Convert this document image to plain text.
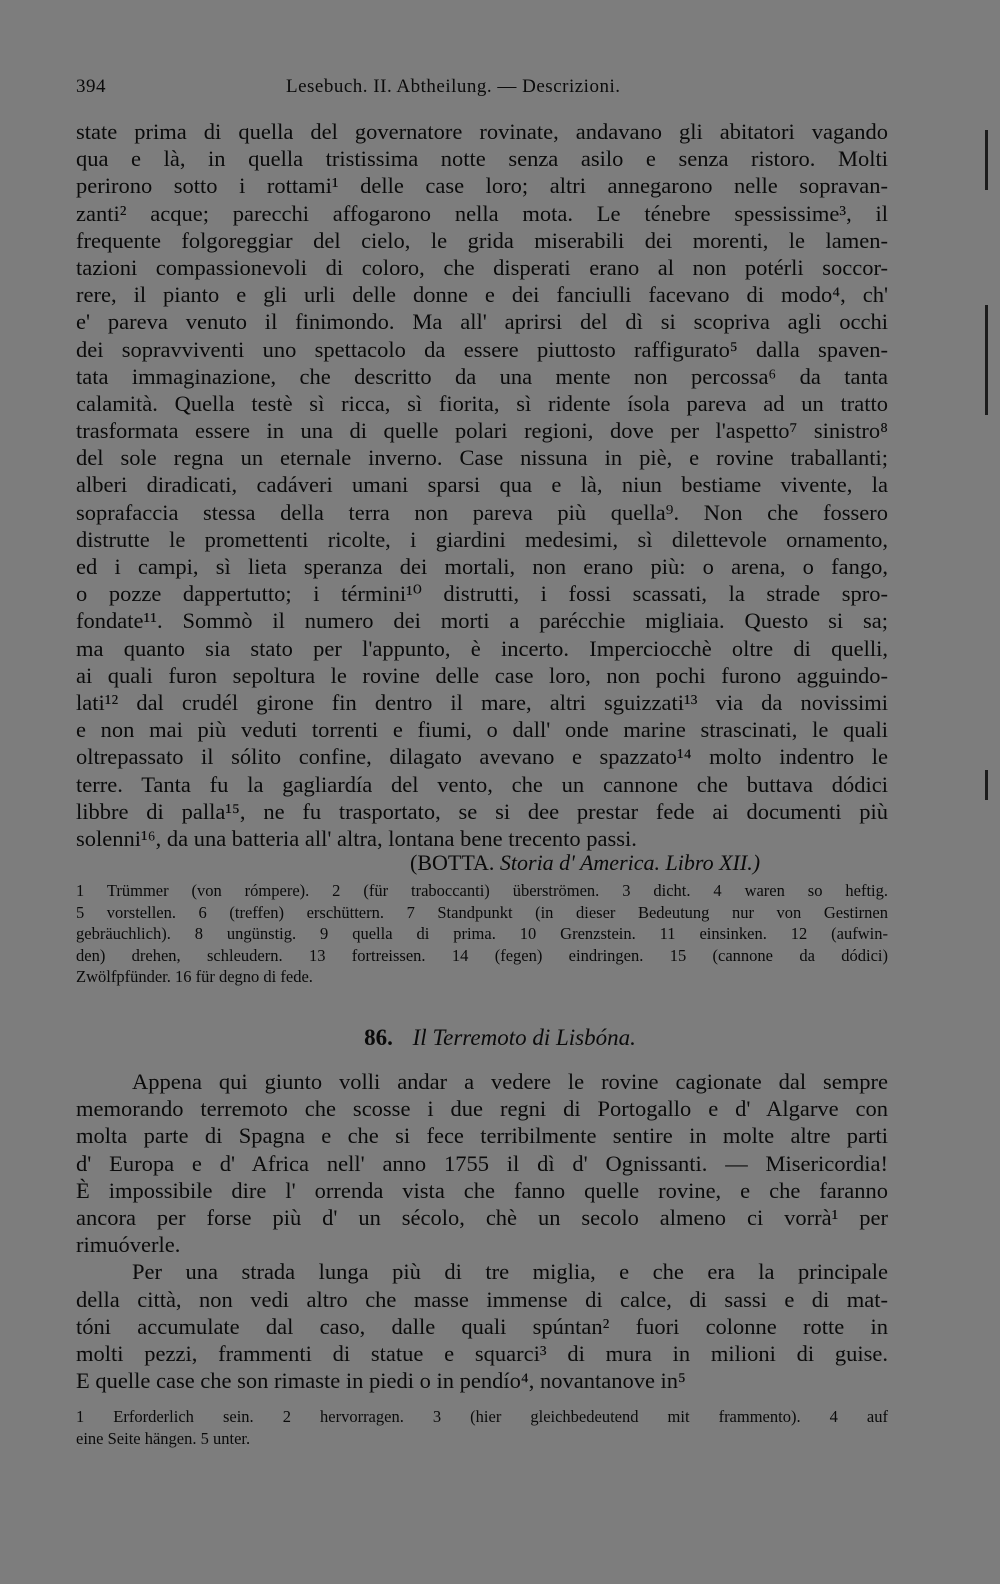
394	Lesebuch. II. Abtheilung. — Descrizioni.
state prima di quella del governatore rovinate, andavano gli abitatori vagando
qua e là, in quella tristissima notte senza asilo e senza ristoro. Molti
perirono sotto i rottami¹ delle case loro; altri annegarono nelle sopravan-
zanti² acque; parecchi affogarono nella mota. Le ténebre spessissime³, il
frequente folgoreggiar del cielo, le grida miserabili dei morenti, le lamen-
tazioni compassionevoli di coloro, che disperati erano al non potérli soccor-
rere, il pianto e gli urli delle donne e dei fanciulli facevano di modo⁴, ch'
e' pareva venuto il finimondo. Ma all' aprirsi del dì si scopriva agli occhi
dei sopravviventi uno spettacolo da essere piuttosto raffigurato⁵ dalla spaven-
tata immaginazione, che descritto da una mente non percossa⁶ da tanta
calamità. Quella testè sì ricca, sì fiorita, sì ridente ísola pareva ad un tratto
trasformata essere in una di quelle polari regioni, dove per l'aspetto⁷ sinistro⁸
del sole regna un eternale inverno. Case nissuna in piè, e rovine traballanti;
alberi diradicati, cadáveri umani sparsi qua e là, niun bestiame vivente, la
soprafaccia stessa della terra non pareva più quella⁹. Non che fossero
distrutte le promettenti ricolte, i giardini medesimi, sì dilettevole ornamento,
ed i campi, sì lieta speranza dei mortali, non erano più: o arena, o fango,
o pozze dappertutto; i términi¹⁰ distrutti, i fossi scassati, la strade spro-
fondate¹¹. Sommò il numero dei morti a parécchie migliaia. Questo si sa;
ma quanto sia stato per l'appunto, è incerto. Imperciocchè oltre di quelli,
ai quali furon sepoltura le rovine delle case loro, non pochi furono agguindo-
lati¹² dal crudél girone fin dentro il mare, altri sguizzati¹³ via da novissimi
e non mai più veduti torrenti e fiumi, o dall' onde marine strascinati, le quali
oltrepassato il sólito confine, dilagato avevano e spazzato¹⁴ molto indentro le
terre. Tanta fu la gagliardía del vento, che un cannone che buttava dódici
libbre di palla¹⁵, ne fu trasportato, se si dee prestar fede ai documenti più
solenni¹⁶, da una batteria all' altra, lontana bene trecento passi.
(BOTTA. Storia d' America. Libro XII.)
1 Trümmer (von rómpere). 2 (für traboccanti) überströmen. 3 dicht. 4 waren so heftig.
5 vorstellen. 6 (treffen) erschüttern. 7 Standpunkt (in dieser Bedeutung nur von Gestirnen
gebräuchlich). 8 ungünstig. 9 quella di prima. 10 Grenzstein. 11 einsinken. 12 (aufwin-
den) drehen, schleudern. 13 fortreissen. 14 (fegen) eindringen. 15 (cannone da dódici)
Zwölfpfünder. 16 für degno di fede.
86. Il Terremoto di Lisbóna.
Appena qui giunto volli andar a vedere le rovine cagionate dal sempre
memorando terremoto che scosse i due regni di Portogallo e d' Algarve con
molta parte di Spagna e che si fece terribilmente sentire in molte altre parti
d' Europa e d' Africa nell' anno 1755 il dì d' Ognissanti. — Misericordia!
È impossibile dire l' orrenda vista che fanno quelle rovine, e che faranno
ancora per forse più d' un sécolo, chè un secolo almeno ci vorrà¹ per
rimuóverle.
Per una strada lunga più di tre miglia, e che era la principale
della città, non vedi altro che masse immense di calce, di sassi e di mat-
tóni accumulate dal caso, dalle quali spúntan² fuori colonne rotte in
molti pezzi, frammenti di statue e squarci³ di mura in milioni di guise.
E quelle case che son rimaste in piedi o in pendío⁴, novantanove in⁵
1 Erforderlich sein. 2 hervorragen. 3 (hier gleichbedeutend mit frammento). 4 auf
eine Seite hängen. 5 unter.
